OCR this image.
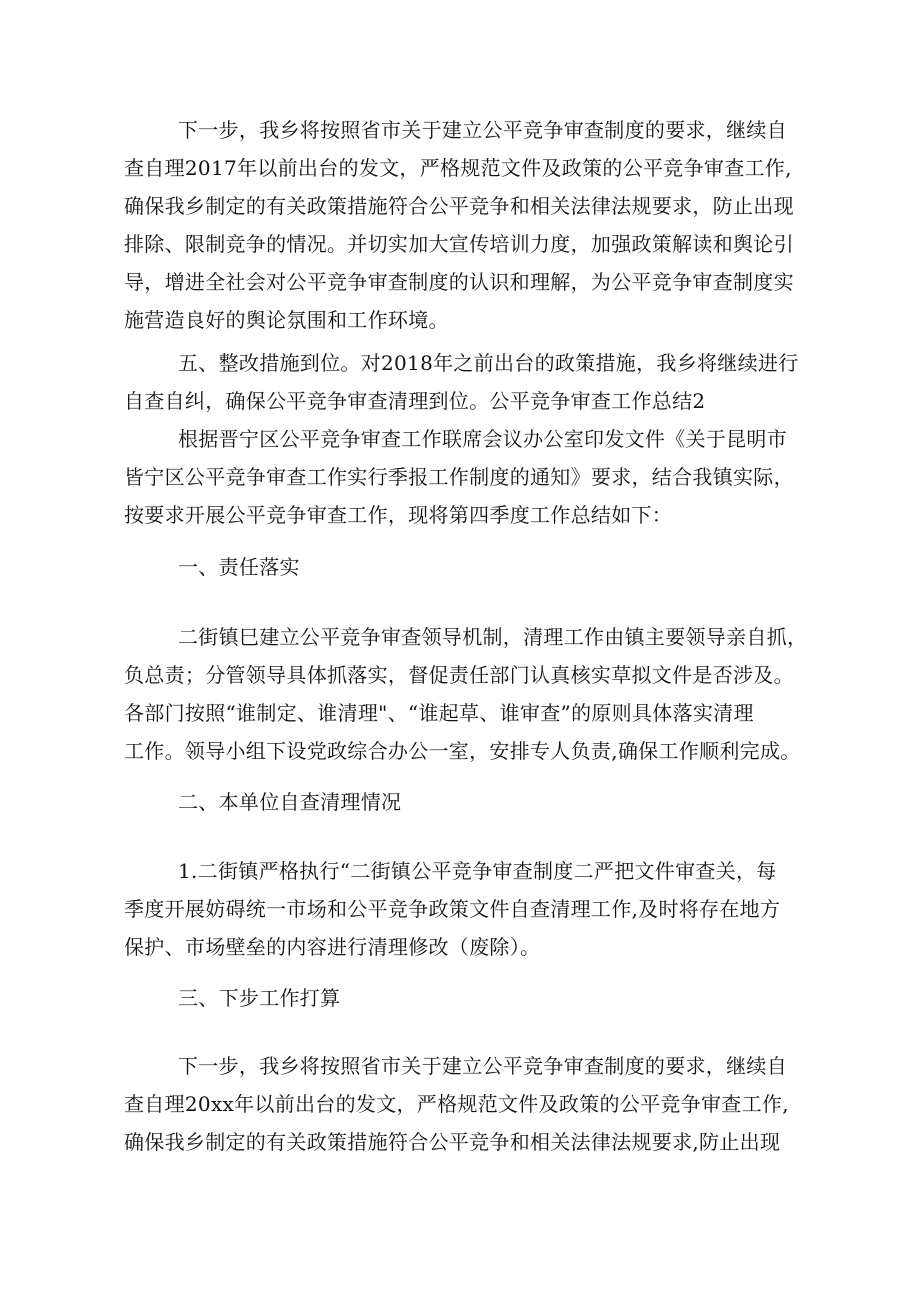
下一步，我乡将按照省市关于建立公平竞争审查制度的要求，继续自
查自理2017年以前出台的发文，严格规范文件及政策的公平竞争审查工作,
确保我乡制定的有关政策措施符合公平竞争和相关法律法规要求，防止出现
排除、限制竞争的情况。并切实加大宣传培训力度，加强政策解读和舆论引
导，增进全社会对公平竞争审查制度的认识和理解，为公平竞争审查制度实
施营造良好的舆论氛围和工作环境。

五、整改措施到位。对2018年之前出台的政策措施，我乡将继续进行
自查自纠，确保公平竞争审查清理到位。公平竞争审查工作总结2

根据晋宁区公平竞争审查工作联席会议办公室印发文件《关于昆明市
皆宁区公平竞争审查工作实行季报工作制度的通知》要求，结合我镇实际，
按要求开展公平竞争审查工作，现将第四季度工作总结如下：

一、责任落实

二街镇巳建立公平竞争审查领导机制，清理工作由镇主要领导亲自抓，
负总责；分管领导具体抓落实，督促责任部门认真核实草拟文件是否涉及。
各部门按照“谁制定、谁清理"、“谁起草、谁审查”的原则具体落实清理
工作。领导小组下设党政综合办公一室，安排专人负责,确保工作顺利完成。

二、本单位自查清理情况

1.二街镇严格执行“二街镇公平竞争审查制度二严把文件审查关，每
季度开展妨碍统一市场和公平竞争政策文件自查清理工作,及时将存在地方
保护、市场壁垒的内容进行清理修改（废除）。

三、下步工作打算

下一步，我乡将按照省市关于建立公平竞争审查制度的要求，继续自
查自理20xx年以前出台的发文，严格规范文件及政策的公平竞争审查工作,
确保我乡制定的有关政策措施符合公平竞争和相关法律法规要求,防止出现
